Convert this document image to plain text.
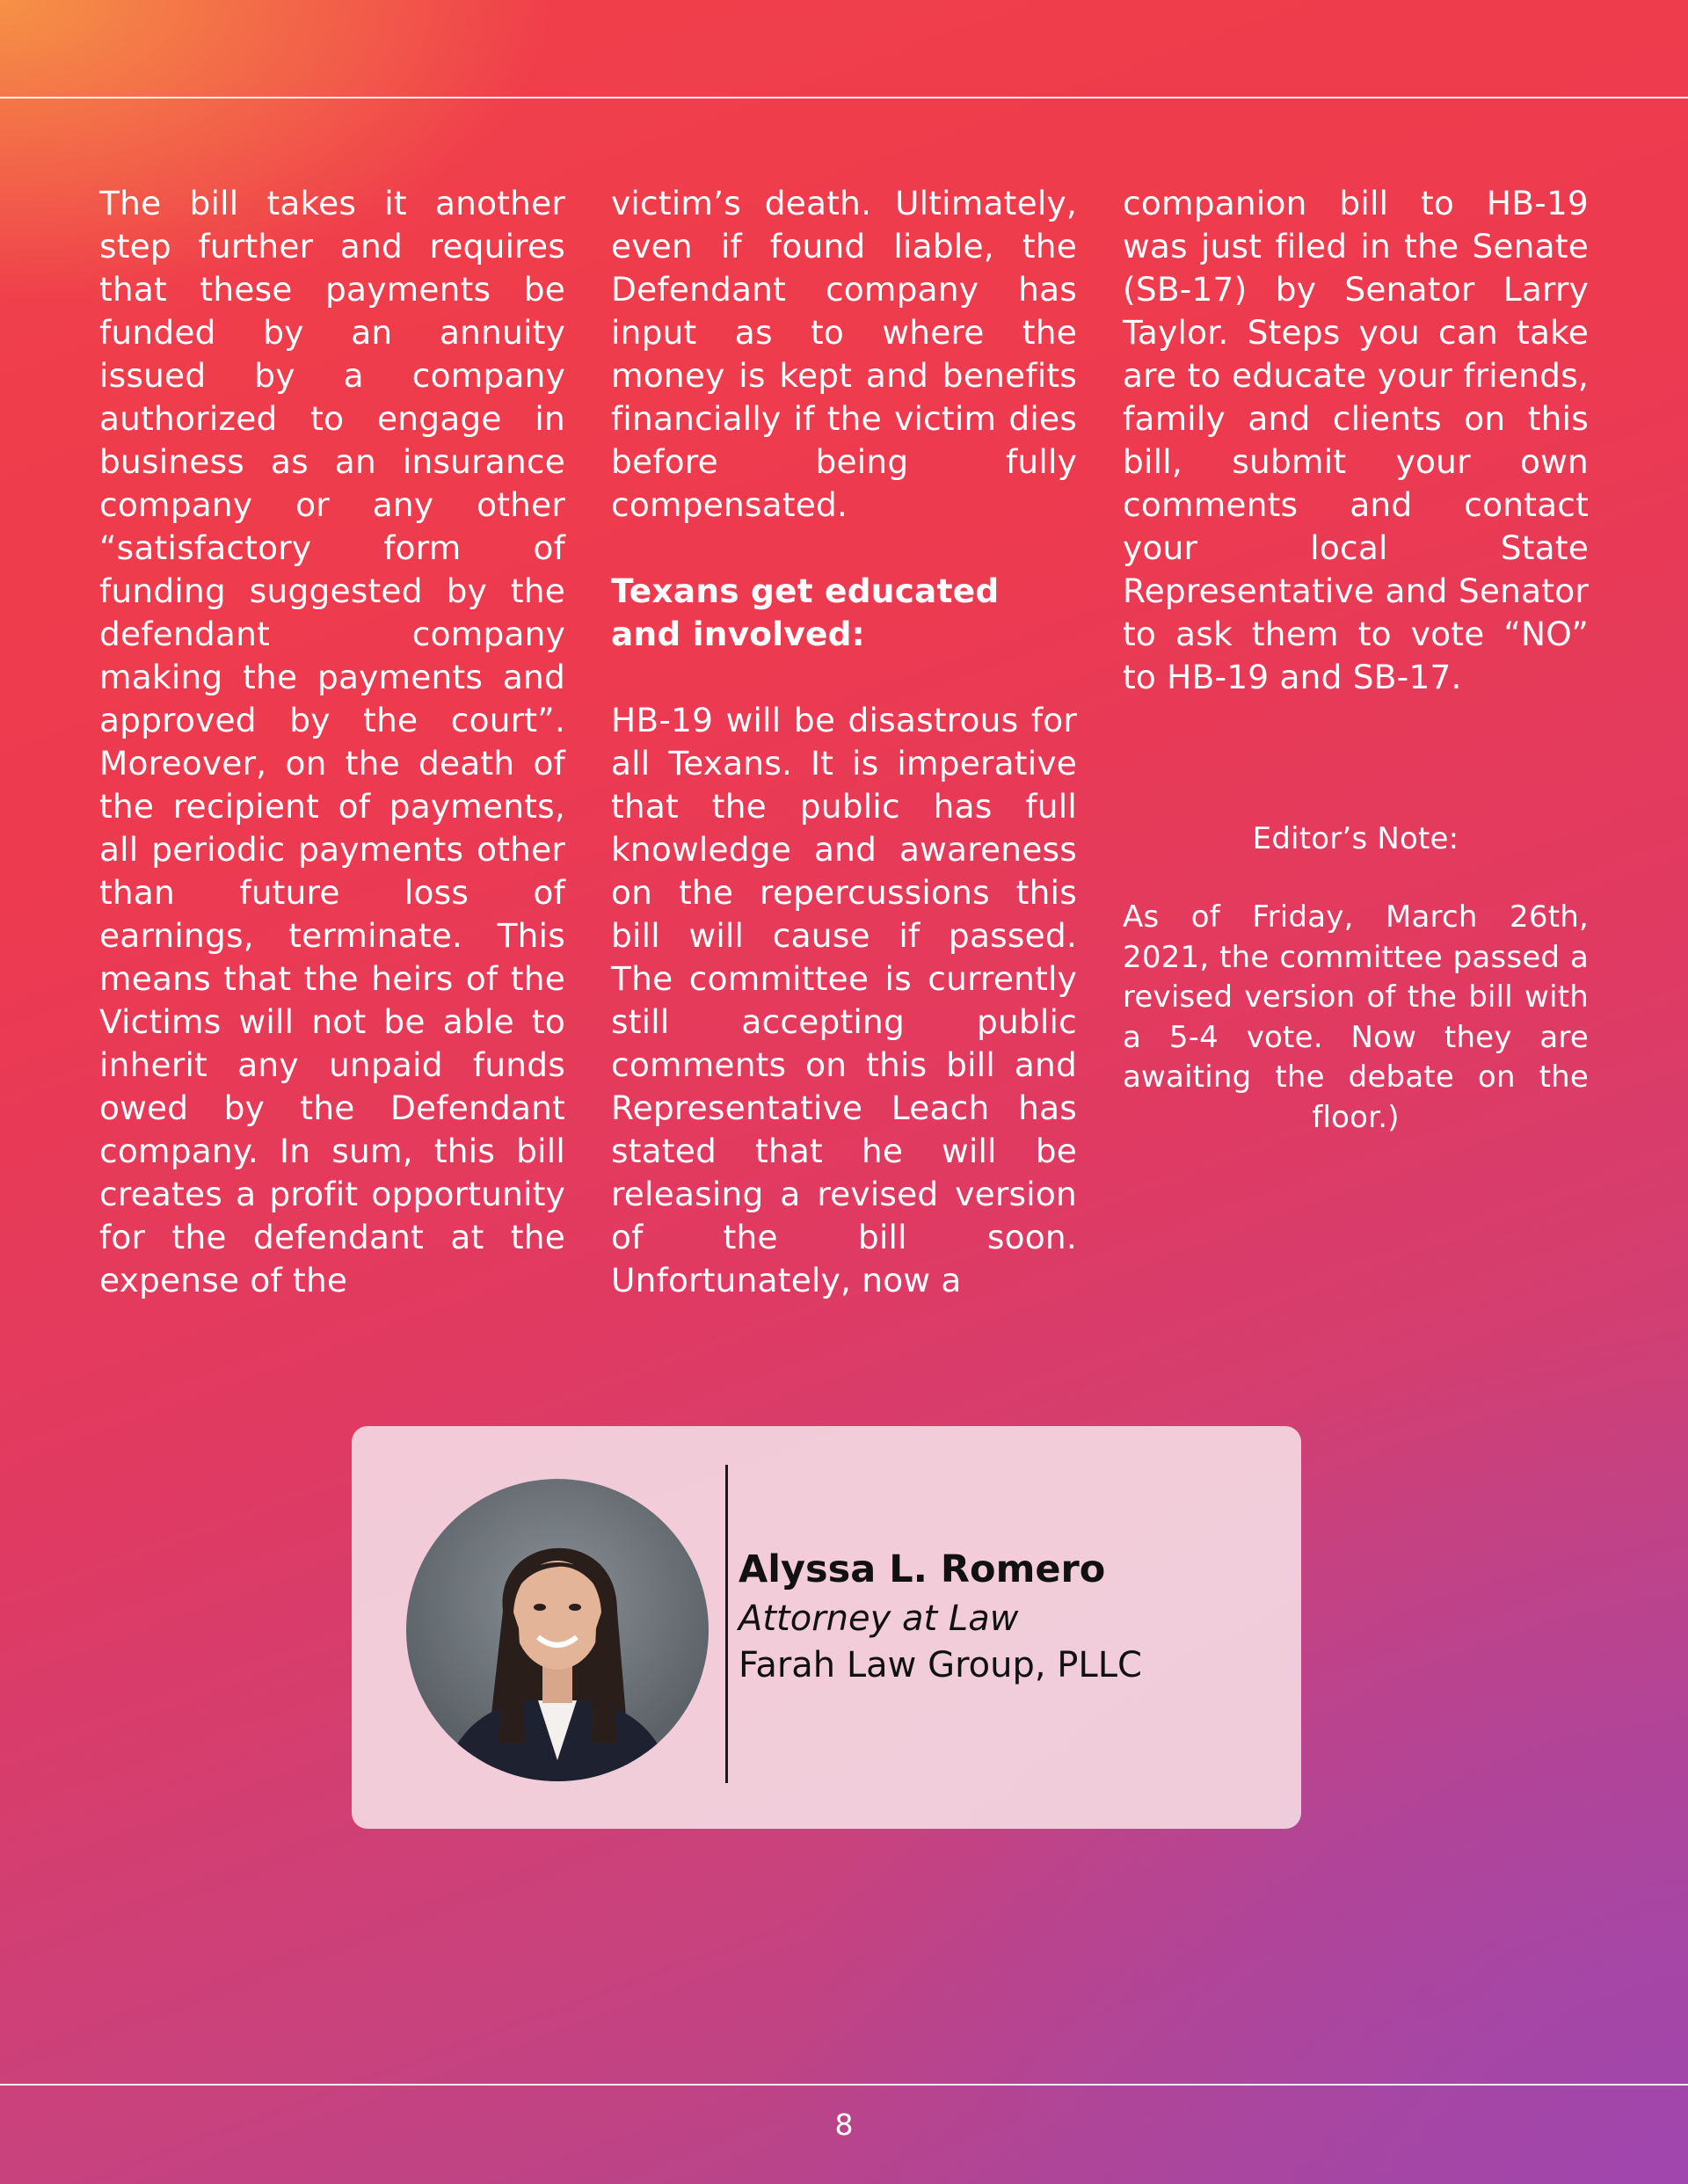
The bill takes it another step further and requires that these payments be funded by an annuity issued by a company authorized to engage in business as an insurance company or any other “satisfactory form of funding suggested by the defendant company making the payments and approved by the court”. Moreover, on the death of the recipient of payments, all periodic payments other than future loss of earnings, terminate. This means that the heirs of the Victims will not be able to inherit any unpaid funds owed by the Defendant company. In sum, this bill creates a profit opportunity for the defendant at the expense of the

victim’s death. Ultimately, even if found liable, the Defendant company has input as to where the money is kept and benefits financially if the victim dies before being fully compensated.

Texans get educated and involved:

HB-19 will be disastrous for all Texans. It is imperative that the public has full knowledge and awareness on the repercussions this bill will cause if passed. The committee is currently still accepting public comments on this bill and Representative Leach has stated that he will be releasing a revised version of the bill soon. Unfortunately, now a

companion bill to HB-19 was just filed in the Senate (SB-17) by Senator Larry Taylor. Steps you can take are to educate your friends, family and clients on this bill, submit your own comments and contact your local State Representative and Senator to ask them to vote “NO” to HB-19 and SB-17.

Editor’s Note:
As of Friday, March 26th, 2021, the committee passed a revised version of the bill with a 5-4 vote. Now they are awaiting the debate on the floor.)
Alyssa L. Romero
Attorney at Law
Farah Law Group, PLLC
8
